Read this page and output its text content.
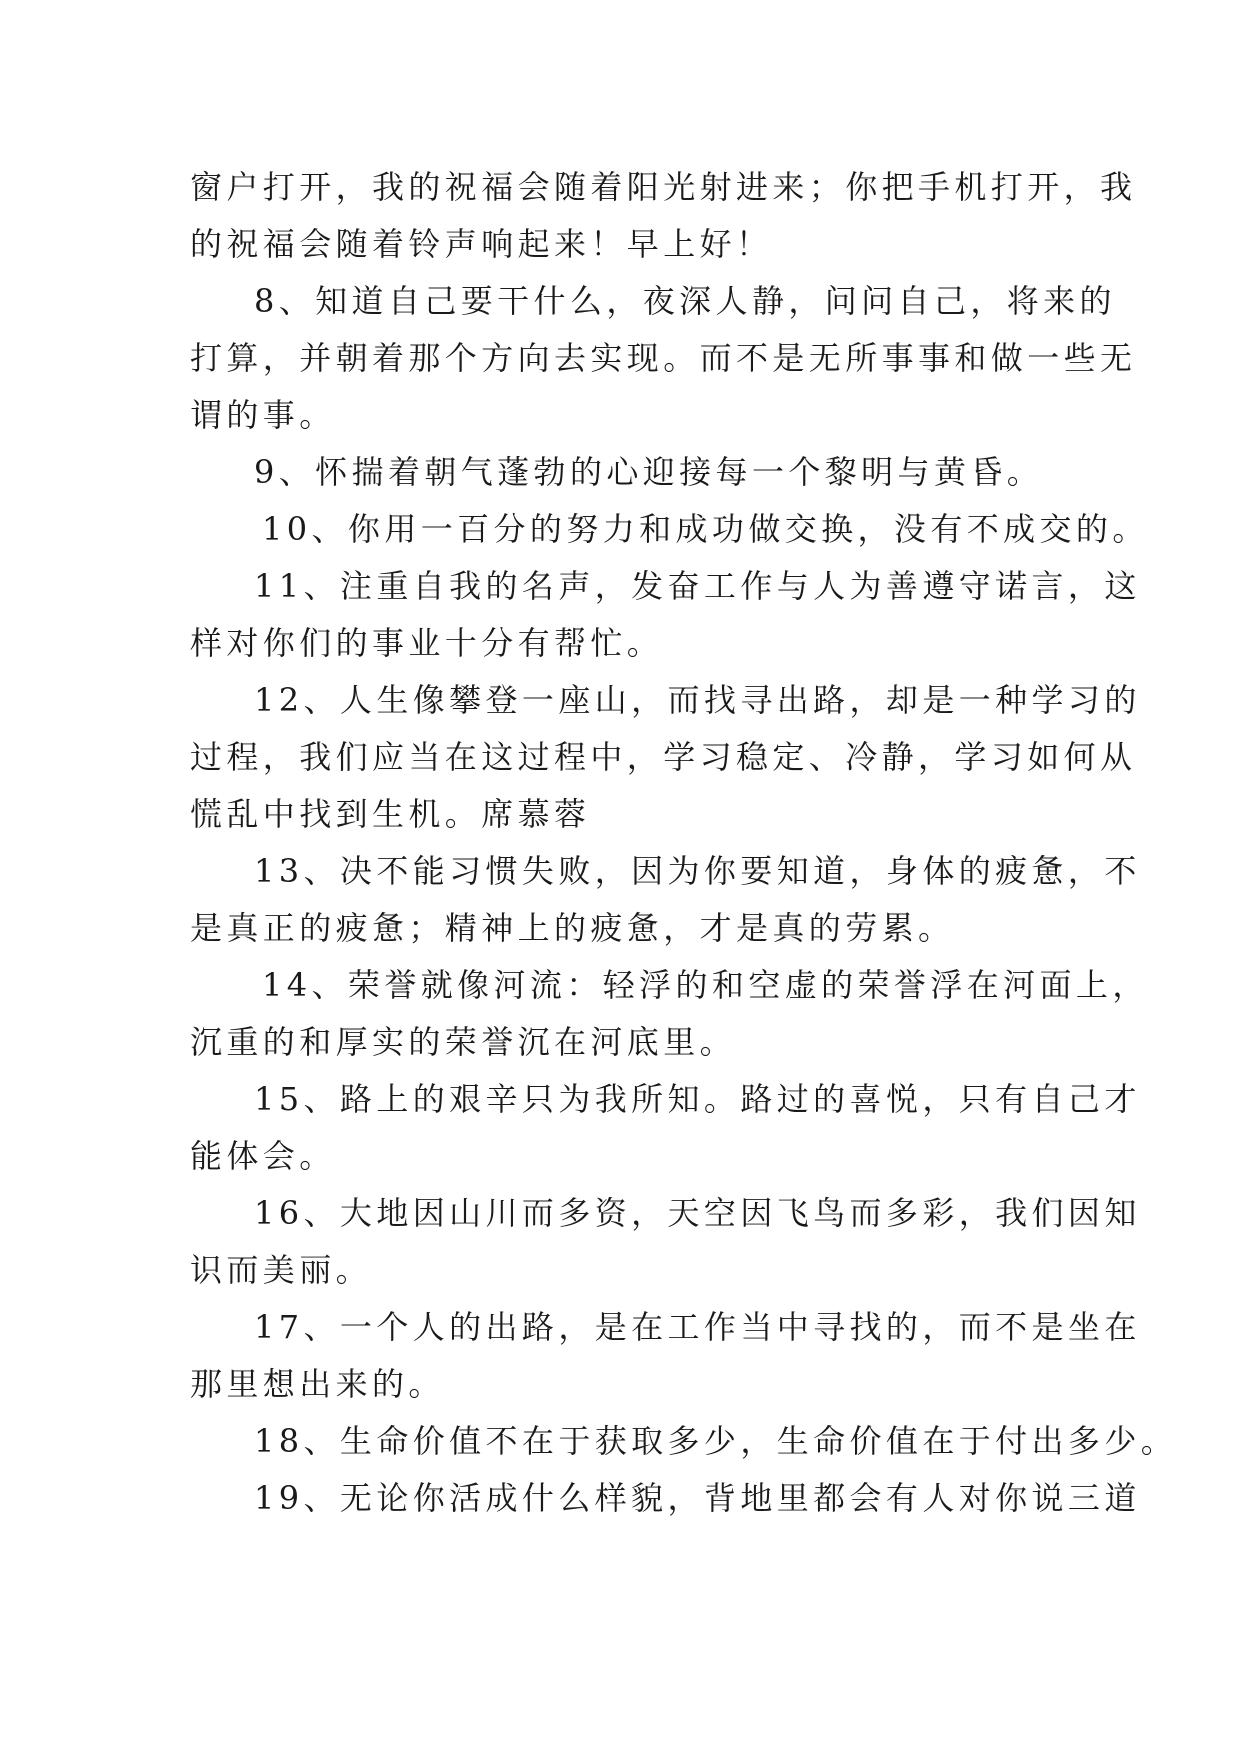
窗户打开，我的祝福会随着阳光射进来；你把手机打开，我
的祝福会随着铃声响起来！早上好！
8、知道自己要干什么，夜深人静，问问自己，将来的
打算，并朝着那个方向去实现。而不是无所事事和做一些无
谓的事。
9、怀揣着朝气蓬勃的心迎接每一个黎明与黄昏。
10、你用一百分的努力和成功做交换，没有不成交的。
11、注重自我的名声，发奋工作与人为善遵守诺言，这
样对你们的事业十分有帮忙。
12、人生像攀登一座山，而找寻出路，却是一种学习的
过程，我们应当在这过程中，学习稳定、冷静，学习如何从
慌乱中找到生机。席慕蓉
13、决不能习惯失败，因为你要知道，身体的疲惫，不
是真正的疲惫；精神上的疲惫，才是真的劳累。
14、荣誉就像河流：轻浮的和空虚的荣誉浮在河面上，
沉重的和厚实的荣誉沉在河底里。
15、路上的艰辛只为我所知。路过的喜悦，只有自己才
能体会。
16、大地因山川而多资，天空因飞鸟而多彩，我们因知
识而美丽。
17、一个人的出路，是在工作当中寻找的，而不是坐在
那里想出来的。
18、生命价值不在于获取多少，生命价值在于付出多少。
19、无论你活成什么样貌，背地里都会有人对你说三道
